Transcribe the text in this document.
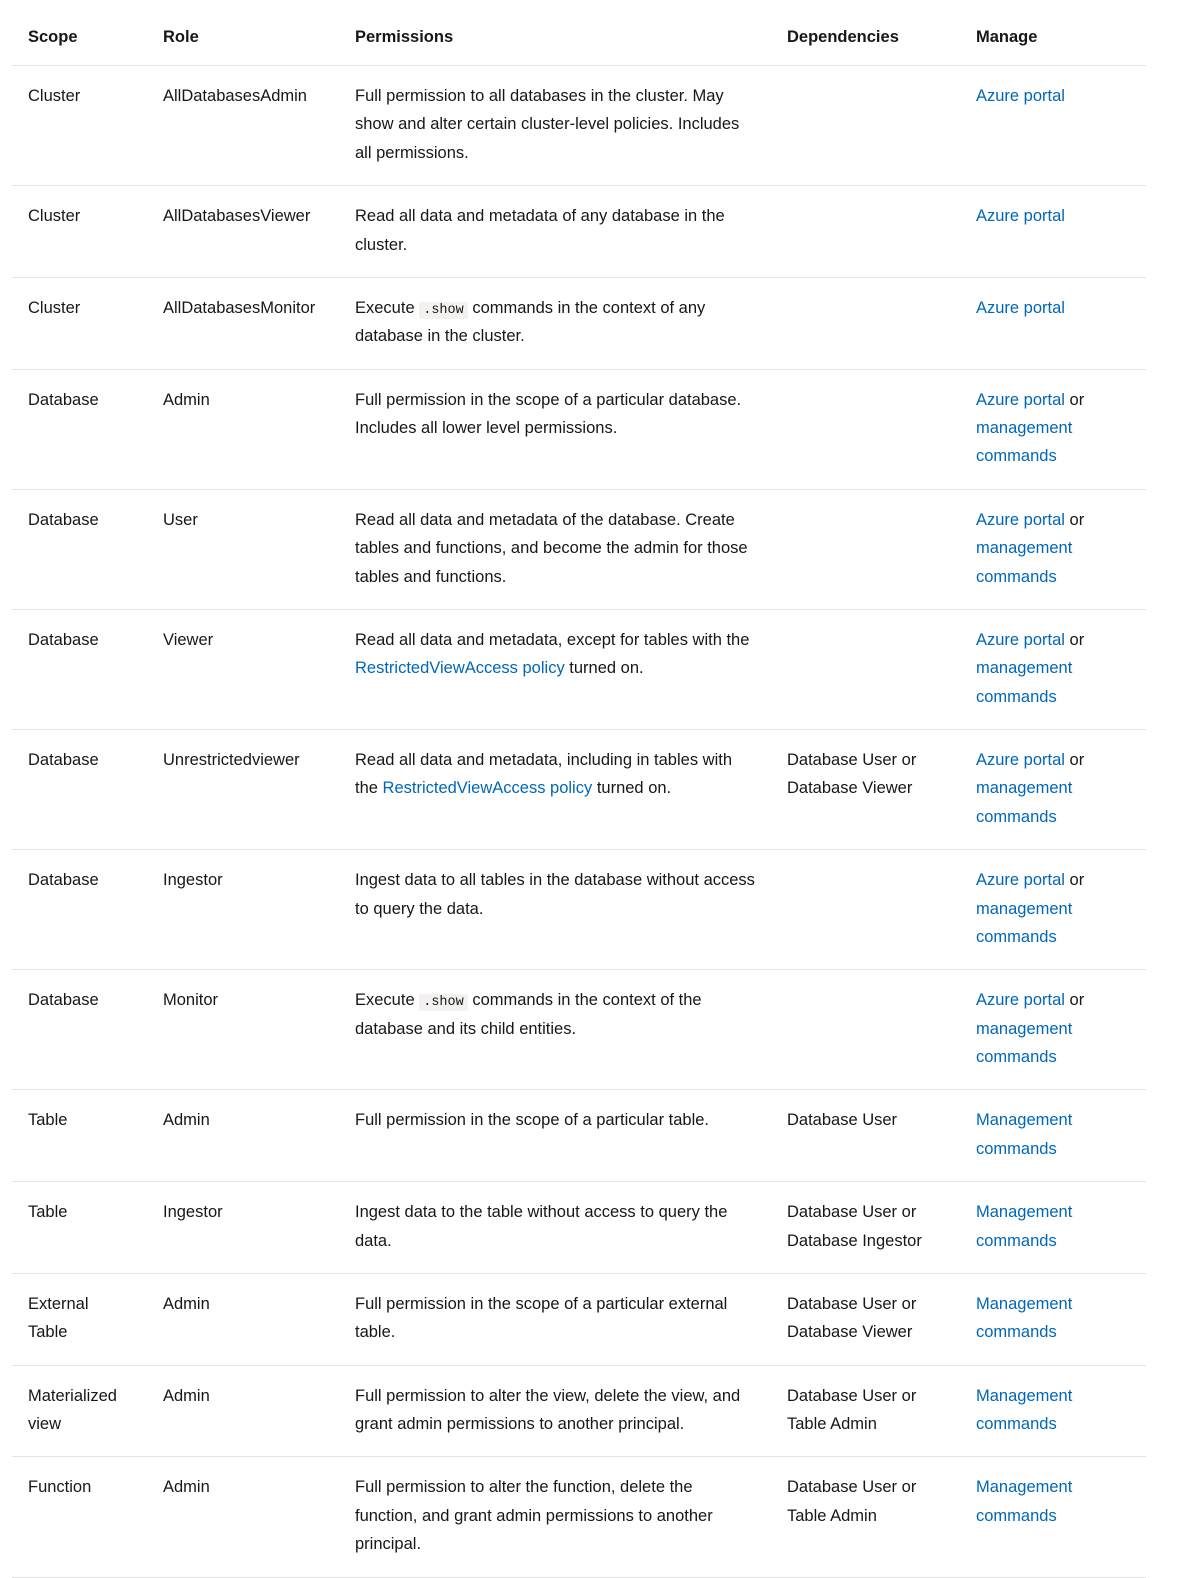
Scope	Role	Permissions	Dependencies	Manage
Cluster	AllDatabasesAdmin	Full permission to all databases in the cluster. May show and alter certain cluster-level policies. Includes all permissions.		Azure portal
Cluster	AllDatabasesViewer	Read all data and metadata of any database in the cluster.		Azure portal
Cluster	AllDatabasesMonitor	Execute .show commands in the context of any database in the cluster.		Azure portal
Database	Admin	Full permission in the scope of a particular database. Includes all lower level permissions.		Azure portal or management commands
Database	User	Read all data and metadata of the database. Create tables and functions, and become the admin for those tables and functions.		Azure portal or management commands
Database	Viewer	Read all data and metadata, except for tables with the RestrictedViewAccess policy turned on.		Azure portal or management commands
Database	Unrestrictedviewer	Read all data and metadata, including in tables with the RestrictedViewAccess policy turned on.	Database User or Database Viewer	Azure portal or management commands
Database	Ingestor	Ingest data to all tables in the database without access to query the data.		Azure portal or management commands
Database	Monitor	Execute .show commands in the context of the database and its child entities.		Azure portal or management commands
Table	Admin	Full permission in the scope of a particular table.	Database User	Management commands
Table	Ingestor	Ingest data to the table without access to query the data.	Database User or Database Ingestor	Management commands
External Table	Admin	Full permission in the scope of a particular external table.	Database User or Database Viewer	Management commands
Materialized view	Admin	Full permission to alter the view, delete the view, and grant admin permissions to another principal.	Database User or Table Admin	Management commands
Function	Admin	Full permission to alter the function, delete the function, and grant admin permissions to another principal.	Database User or Table Admin	Management commands
